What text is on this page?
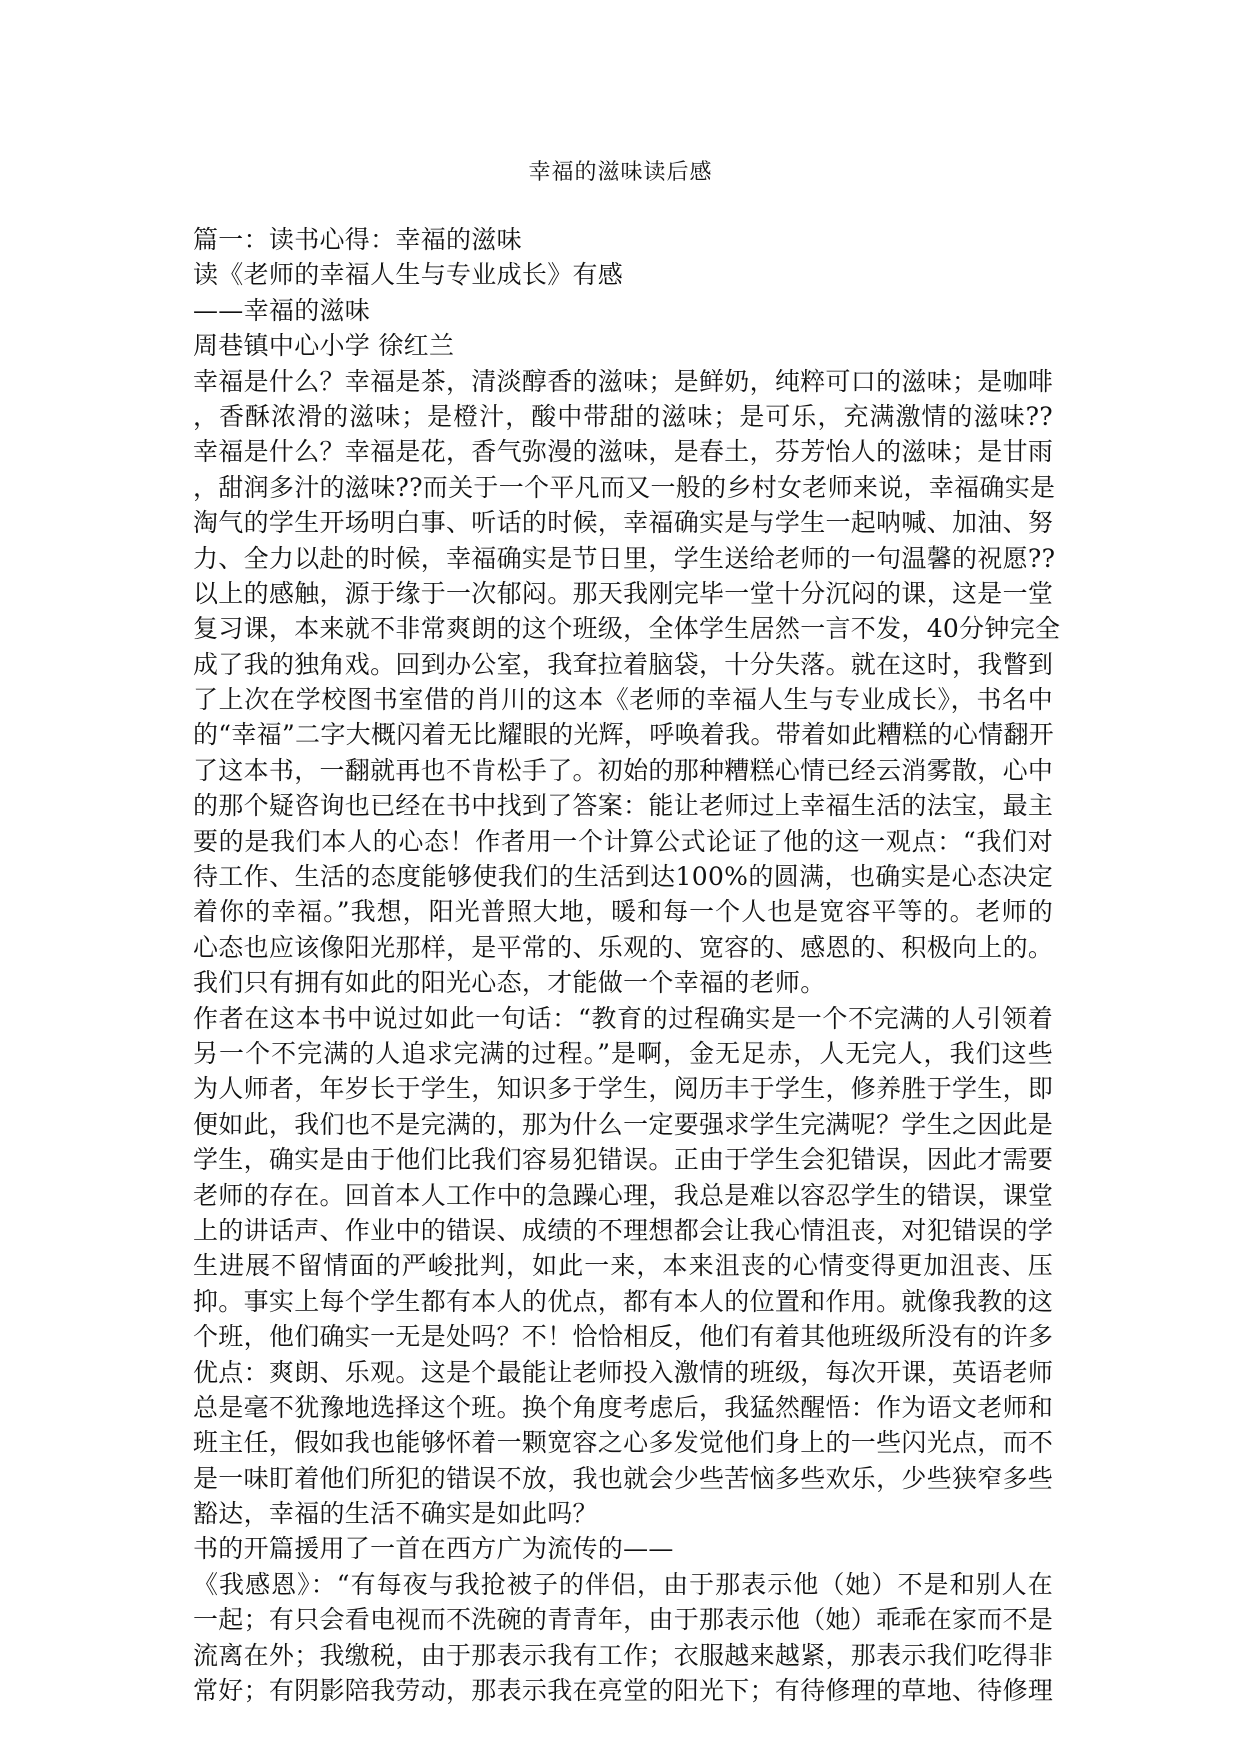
幸福的滋味读后感
篇一：读书心得：幸福的滋味
读《老师的幸福人生与专业成长》有感
——幸福的滋味
周巷镇中心小学 徐红兰
幸福是什么？幸福是茶，清淡醇香的滋味；是鲜奶，纯粹可口的滋味；是咖啡
，香酥浓滑的滋味；是橙汁，酸中带甜的滋味；是可乐，充满激情的滋味??
幸福是什么？幸福是花，香气弥漫的滋味，是春土，芬芳怡人的滋味；是甘雨
，甜润多汁的滋味??而关于一个平凡而又一般的乡村女老师来说，幸福确实是
淘气的学生开场明白事、听话的时候，幸福确实是与学生一起呐喊、加油、努
力、全力以赴的时候，幸福确实是节日里，学生送给老师的一句温馨的祝愿??
以上的感触，源于缘于一次郁闷。那天我刚完毕一堂十分沉闷的课，这是一堂
复习课，本来就不非常爽朗的这个班级，全体学生居然一言不发，40分钟完全
成了我的独角戏。回到办公室，我耷拉着脑袋，十分失落。就在这时，我瞥到
了上次在学校图书室借的肖川的这本《老师的幸福人生与专业成长》，书名中
的“幸福”二字大概闪着无比耀眼的光辉，呼唤着我。带着如此糟糕的心情翻开
了这本书，一翻就再也不肯松手了。初始的那种糟糕心情已经云消雾散，心中
的那个疑咨询也已经在书中找到了答案：能让老师过上幸福生活的法宝，最主
要的是我们本人的心态！作者用一个计算公式论证了他的这一观点：“我们对
待工作、生活的态度能够使我们的生活到达100%的圆满，也确实是心态决定
着你的幸福。”我想，阳光普照大地，暖和每一个人也是宽容平等的。老师的
心态也应该像阳光那样，是平常的、乐观的、宽容的、感恩的、积极向上的。
我们只有拥有如此的阳光心态，才能做一个幸福的老师。
作者在这本书中说过如此一句话：“教育的过程确实是一个不完满的人引领着
另一个不完满的人追求完满的过程。”是啊，金无足赤，人无完人，我们这些
为人师者，年岁长于学生，知识多于学生，阅历丰于学生，修养胜于学生，即
便如此，我们也不是完满的，那为什么一定要强求学生完满呢？学生之因此是
学生，确实是由于他们比我们容易犯错误。正由于学生会犯错误，因此才需要
老师的存在。回首本人工作中的急躁心理，我总是难以容忍学生的错误，课堂
上的讲话声、作业中的错误、成绩的不理想都会让我心情沮丧，对犯错误的学
生进展不留情面的严峻批判，如此一来，本来沮丧的心情变得更加沮丧、压
抑。事实上每个学生都有本人的优点，都有本人的位置和作用。就像我教的这
个班，他们确实一无是处吗？不！恰恰相反，他们有着其他班级所没有的许多
优点：爽朗、乐观。这是个最能让老师投入激情的班级，每次开课，英语老师
总是毫不犹豫地选择这个班。换个角度考虑后，我猛然醒悟：作为语文老师和
班主任，假如我也能够怀着一颗宽容之心多发觉他们身上的一些闪光点，而不
是一味盯着他们所犯的错误不放，我也就会少些苦恼多些欢乐，少些狭窄多些
豁达，幸福的生活不确实是如此吗？
书的开篇援用了一首在西方广为流传的——
《我感恩》：“有每夜与我抢被子的伴侣，由于那表示他（她）不是和别人在
一起；有只会看电视而不洗碗的青青年，由于那表示他（她）乖乖在家而不是
流离在外；我缴税，由于那表示我有工作；衣服越来越紧，那表示我们吃得非
常好；有阴影陪我劳动，那表示我在亮堂的阳光下；有待修理的草地、待修理
